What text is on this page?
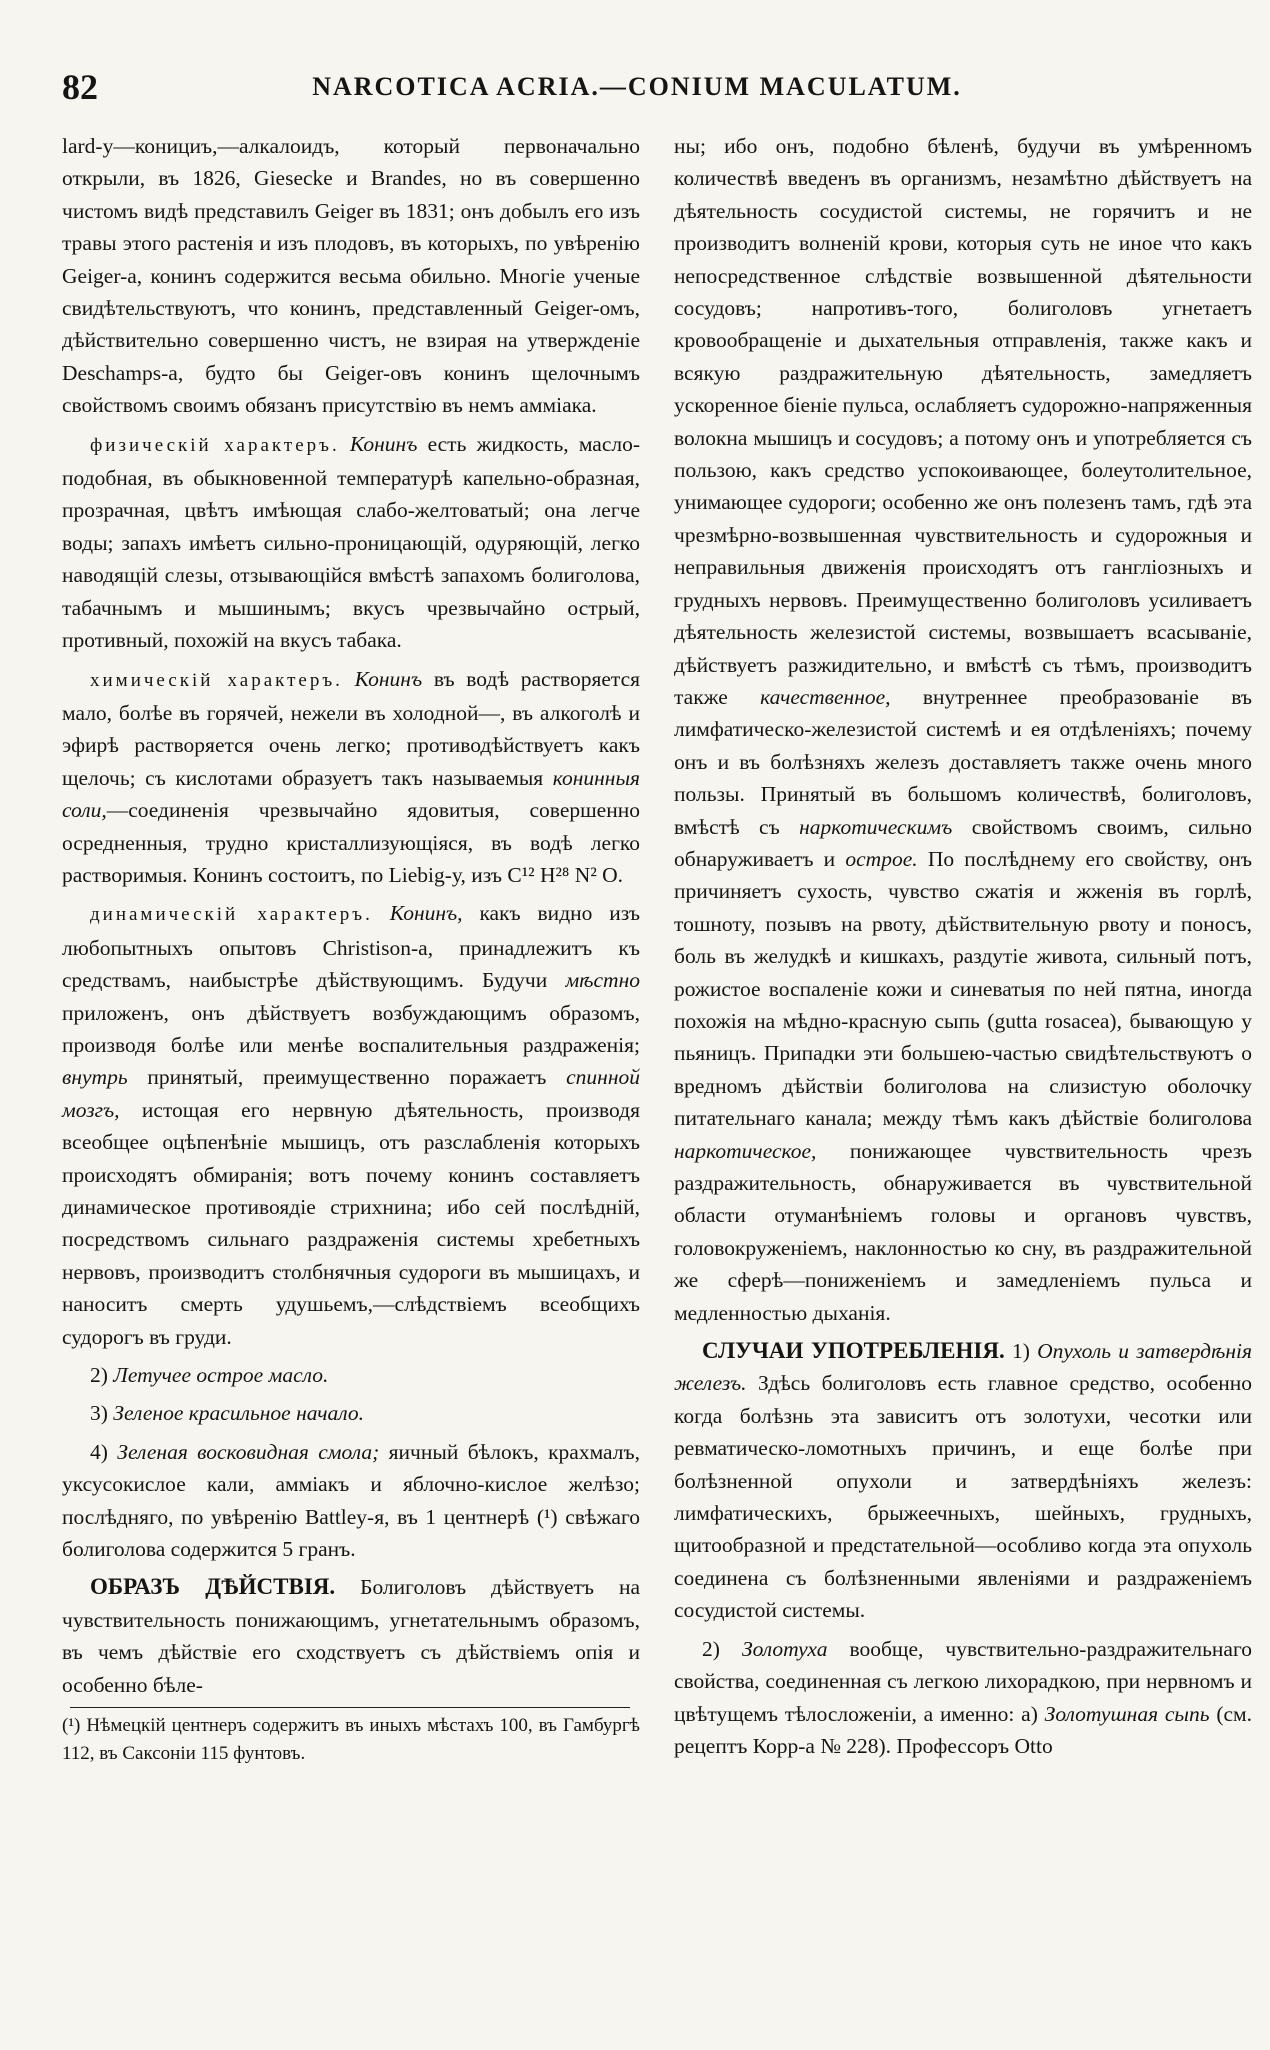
82	NARCOTICA ACRIA.—CONIUM MACULATUM.

lard-у—конициъ,—алкалоидъ, который первоначально открыли, въ 1826, Giesecke и Brandes, но въ совершенно чистомъ видѣ представилъ Geiger въ 1831; онъ добылъ его изъ травы этого растенія и изъ плодовъ, въ которыхъ, по увѣренію Geiger-а, конинъ содержится весьма обильно. Многіе ученые свидѣтельствуютъ, что конинъ, представленный Geiger-омъ, дѣйствительно совершенно чистъ, не взирая на утвержденіе Deschamps-а, будто бы Geiger-овъ конинъ щелочнымъ свойствомъ своимъ обязанъ присутствію въ немъ аммiака.

физическій характеръ. Конинъ есть жидкость, масло-подобная, въ обыкновенной температурѣ капельно-образная, прозрачная, цвѣтъ имѣющая слабо-желтоватый; она легче воды; запахъ имѣетъ сильно-проницающій, одуряющій, легко наводящій слезы, отзывающійся вмѣстѣ запахомъ болиголова, табачнымъ и мышинымъ; вкусъ чрезвычайно острый, противный, похожій на вкусъ табака.

химическій характеръ. Конинъ въ водѣ растворяется мало, болѣе въ горячей, нежели въ холодной—, въ алкоголѣ и эфирѣ растворяется очень легко; противодѣйствуетъ какъ щелочь; съ кислотами образуетъ такъ называемыя конинныя соли,—соединенія чрезвычайно ядовитыя, совершенно осредненныя, трудно кристаллизующіяся, въ водѣ легко растворимыя. Конинъ состоитъ, по Liebig-у, изъ C¹² H²⁸ N² O.

динамическій характеръ. Конинъ, какъ видно изъ любопытныхъ опытовъ Christison-а, принадлежитъ къ средствамъ, наибыстрѣе дѣйствующимъ. Будучи мѣстно приложенъ, онъ дѣйствуетъ возбуждающимъ образомъ, производя болѣе или менѣе воспалительныя раздраженія; внутрь принятый, преимущественно поражаетъ спинной мозгъ, истощая его нервную дѣятельность, производя всеобщее оцѣпенѣніе мышицъ, отъ разслабленія которыхъ происходятъ обмиранія; вотъ почему конинъ составляетъ динамическое противоядіе стрихнина; ибо сей послѣдній, посредствомъ сильнаго раздраженія системы хребетныхъ нервовъ, производитъ столбнячныя судороги въ мышицахъ, и наноситъ смерть удушьемъ,—слѣдствіемъ всеобщихъ судорогъ въ груди.

2) Летучее острое масло.

3) Зеленое красильное начало.

4) Зеленая восковидная смола; яичный бѣлокъ, крахмалъ, уксусокислое кали, аммiакъ и яблочно-кислое желѣзо; послѣдняго, по увѣренію Battley-я, въ 1 центнерѣ (¹) свѣжаго болиголова содержится 5 гранъ.

ОБРАЗЪ ДѢЙСТВІЯ. Болиголовъ дѣйствуетъ на чувствительность понижающимъ, угнетательнымъ образомъ, въ чемъ дѣйствіе его сходствуетъ съ дѣйствіемъ опія и особенно бѣле-

(¹) Нѣмецкій центнеръ содержитъ въ иныхъ мѣстахъ 100, въ Гамбургѣ 112, въ Саксоніи 115 фунтовъ.

ны; ибо онъ, подобно бѣленѣ, будучи въ умѣренномъ количествѣ введенъ въ организмъ, незамѣтно дѣйствуетъ на дѣятельность сосудистой системы, не горячитъ и не производитъ волненій крови, которыя суть не иное что какъ непосредственное слѣдствіе возвышенной дѣятельности сосудовъ; напротивъ-того, болиголовъ угнетаетъ кровообращеніе и дыхательныя отправленія, также какъ и всякую раздражительную дѣятельность, замедляетъ ускоренное біеніе пульса, ослабляетъ судорожно-напряженныя волокна мышицъ и сосудовъ; а потому онъ и употребляется съ пользою, какъ средство успокоивающее, болеутолительное, унимающее судороги; особенно же онъ полезенъ тамъ, гдѣ эта чрезмѣрно-возвышенная чувствительность и судорожныя и неправильныя движенія происходятъ отъ гангліозныхъ и грудныхъ нервовъ. Преимущественно болиголовъ усиливаетъ дѣятельность железистой системы, возвышаетъ всасываніе, дѣйствуетъ разжидительно, и вмѣстѣ съ тѣмъ, производитъ также качественное, внутреннее преобразованіе въ лимфатическо-железистой системѣ и ея отдѣленіяхъ; почему онъ и въ болѣзняхъ железъ доставляетъ также очень много пользы. Принятый въ большомъ количествѣ, болиголовъ, вмѣстѣ съ наркотическимъ свойствомъ своимъ, сильно обнаруживаетъ и острое. По послѣднему его свойству, онъ причиняетъ сухость, чувство сжатія и жженія въ горлѣ, тошноту, позывъ на рвоту, дѣйствительную рвоту и поносъ, боль въ желудкѣ и кишкахъ, раздутіе живота, сильный потъ, рожистое воспаленіе кожи и синеватыя по ней пятна, иногда похожія на мѣдно-красную сыпь (gutta rosacea), бывающую у пьяницъ. Припадки эти большею-частью свидѣтельствуютъ о вредномъ дѣйствіи болиголова на слизистую оболочку питательнаго канала; между тѣмъ какъ дѣйствіе болиголова наркотическое, понижающее чувствительность чрезъ раздражительность, обнаруживается въ чувствительной области отуманѣніемъ головы и органовъ чувствъ, головокруженіемъ, наклонностью ко сну, въ раздражительной же сферѣ—пониженіемъ и замедленіемъ пульса и медленностью дыханія.

СЛУЧАИ УПОТРЕБЛЕНІЯ. 1) Опухоль и затвердѣнія железъ. Здѣсь болиголовъ есть главное средство, особенно когда болѣзнь эта зависитъ отъ золотухи, чесотки или ревматическо-ломотныхъ причинъ, и еще болѣе при болѣзненной опухоли и затвердѣніяхъ железъ: лимфатическихъ, брыжеечныхъ, шейныхъ, грудныхъ, щитообразной и предстательной—особливо когда эта опухоль соединена съ болѣзненными явленіями и раздраженіемъ сосудистой системы.

2) Золотуха вообще, чувствительно-раздражительнаго свойства, соединенная съ легкою лихорадкою, при нервномъ и цвѣтущемъ тѣлосложеніи, а именно: а) Золотушная сыпь (см. рецептъ Корр-а № 228). Профессоръ Otto
